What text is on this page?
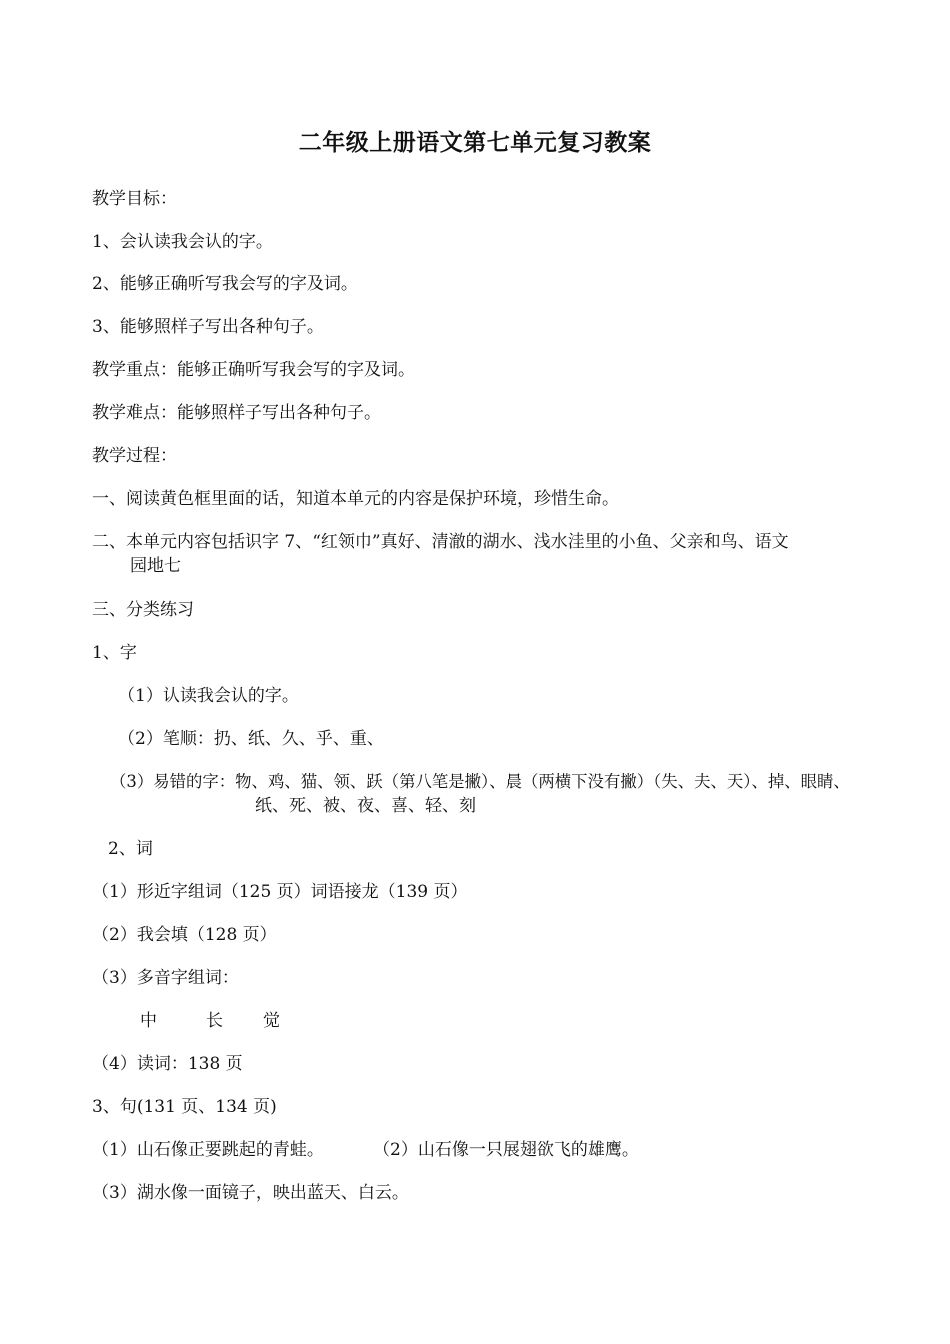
二年级上册语文第七单元复习教案
教学目标：
1、会认读我会认的字。
2、能够正确听写我会写的字及词。
3、能够照样子写出各种句子。
教学重点：能够正确听写我会写的字及词。
教学难点：能够照样子写出各种句子。
教学过程：
一、阅读黄色框里面的话，知道本单元的内容是保护环境，珍惜生命。
二、本单元内容包括识字 7、“红领巾”真好、清澈的湖水、浅水洼里的小鱼、父亲和鸟、语文
园地七
三、分类练习
1、字
（1）认读我会认的字。
（2）笔顺：扔、纸、久、乎、重、
（3）易错的字：物、鸡、猫、领、跃（第八笔是撇）、晨（两横下没有撇）（失、夫、天）、掉、眼睛、
纸、死、被、夜、喜、轻、刻
2、词
（1）形近字组词（125 页）词语接龙（139 页）
（2）我会填（128 页）
（3）多音字组词：
中	长 觉
（4）读词：138 页
3、句(131 页、134 页)
（1）山石像正要跳起的青蛙。	（2）山石像一只展翅欲飞的雄鹰。
（3）湖水像一面镜子，映出蓝天、白云。
